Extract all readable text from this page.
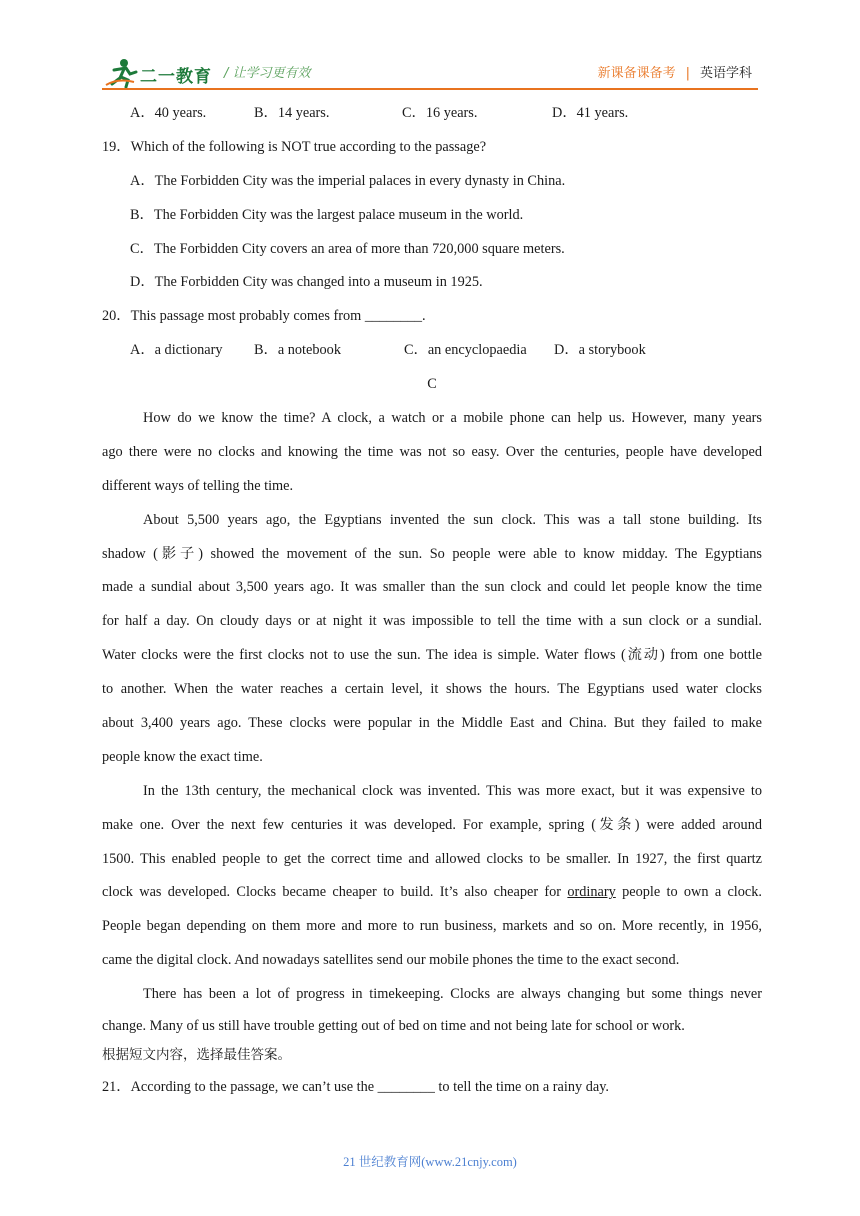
二一教育 / 让学习更有效	新课备课备考 | 英语学科
A．40 years.	B．14 years.	C．16 years.	D．41 years.
19．Which of the following is NOT true according to the passage?
A．The Forbidden City was the imperial palaces in every dynasty in China.
B．The Forbidden City was the largest palace museum in the world.
C．The Forbidden City covers an area of more than 720,000 square meters.
D．The Forbidden City was changed into a museum in 1925.
20．This passage most probably comes from ________.
A．a dictionary B．a notebook	C．an encyclopaedia D．a storybook
C
How do we know the time? A clock, a watch or a mobile phone can help us. However, many years
ago there were no clocks and knowing the time was not so easy. Over the centuries, people have developed
different ways of telling the time.
About 5,500 years ago, the Egyptians invented the sun clock. This was a tall stone building. Its
shadow (影子) showed the movement of the sun. So people were able to know midday. The Egyptians
made a sundial about 3,500 years ago. It was smaller than the sun clock and could let people know the time
for half a day. On cloudy days or at night it was impossible to tell the time with a sun clock or a sundial.
Water clocks were the first clocks not to use the sun. The idea is simple. Water flows (流动) from one bottle
to another. When the water reaches a certain level, it shows the hours. The Egyptians used water clocks
about 3,400 years ago. These clocks were popular in the Middle East and China. But they failed to make
people know the exact time.
In the 13th century, the mechanical clock was invented. This was more exact, but it was expensive to
make one. Over the next few centuries it was developed. For example, spring (发条) were added around
1500. This enabled people to get the correct time and allowed clocks to be smaller. In 1927, the first quartz
clock was developed. Clocks became cheaper to build. It’s also cheaper for ordinary people to own a clock.
People began depending on them more and more to run business, markets and so on. More recently, in 1956,
came the digital clock. And nowadays satellites send our mobile phones the time to the exact second.
There has been a lot of progress in timekeeping. Clocks are always changing but some things never
change. Many of us still have trouble getting out of bed on time and not being late for school or work.
根据短文内容，选择最佳答案。
21．According to the passage, we can’t use the ________ to tell the time on a rainy day.
21 世纪教育网(www.21cnjy.com)
